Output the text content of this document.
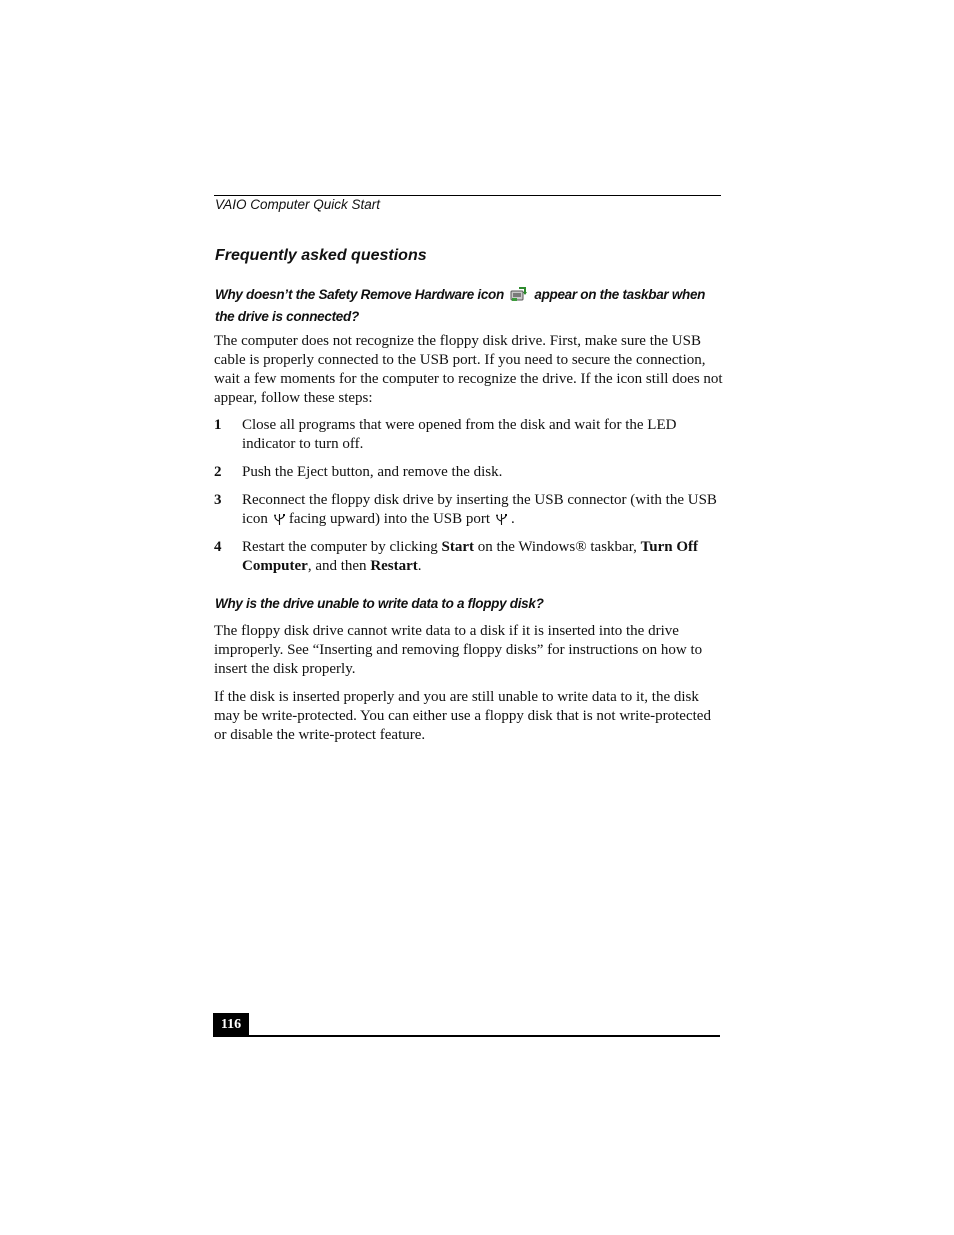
VAIO Computer Quick Start
Frequently asked questions
Why doesn’t the Safety Remove Hardware icon appear on the taskbar when the drive is connected?
The computer does not recognize the floppy disk drive. First, make sure the USB cable is properly connected to the USB port. If you need to secure the connection, wait a few moments for the computer to recognize the drive. If the icon still does not appear, follow these steps:
1 Close all programs that were opened from the disk and wait for the LED indicator to turn off.
2 Push the Eject button, and remove the disk.
3 Reconnect the floppy disk drive by inserting the USB connector (with the USB icon facing upward) into the USB port .
4 Restart the computer by clicking Start on the Windows® taskbar, Turn Off Computer, and then Restart.
Why is the drive unable to write data to a floppy disk?
The floppy disk drive cannot write data to a disk if it is inserted into the drive improperly. See “Inserting and removing floppy disks” for instructions on how to insert the disk properly.
If the disk is inserted properly and you are still unable to write data to it, the disk may be write-protected. You can either use a floppy disk that is not write-protected or disable the write-protect feature.
116
